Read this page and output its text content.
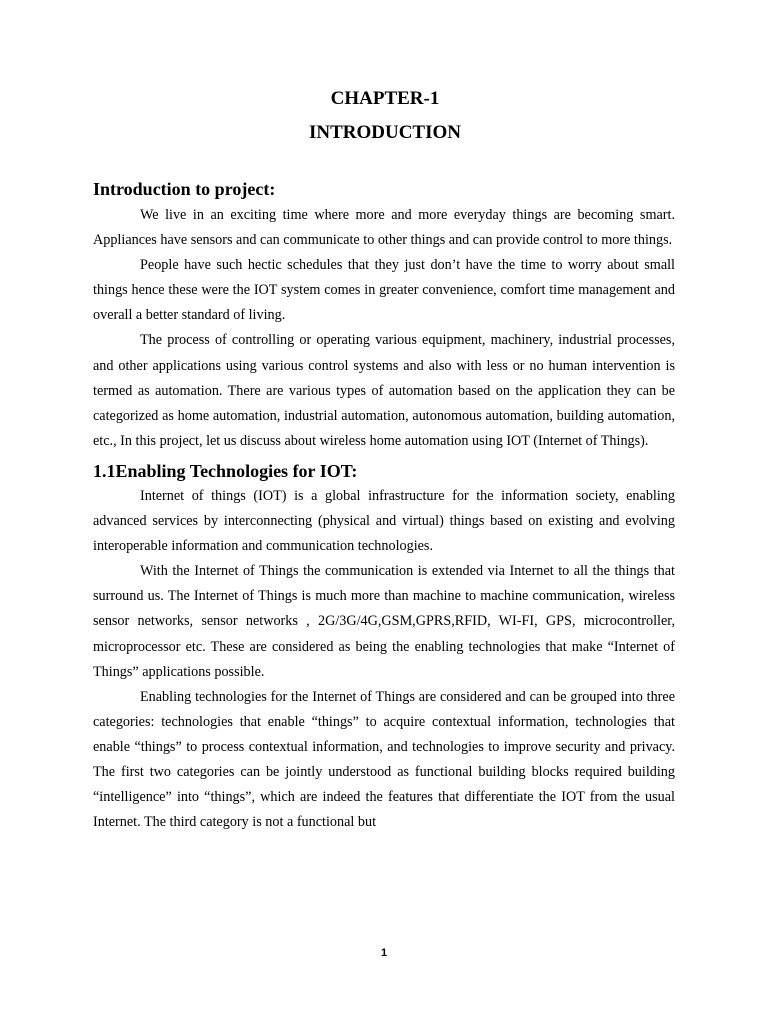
CHAPTER-1
INTRODUCTION
Introduction to project:

We live in an exciting time where more and more everyday things are becoming smart. Appliances have sensors and can communicate to other things and can provide control to more things.

People have such hectic schedules that they just don’t have the time to worry about small things hence these were the IOT system comes in greater convenience, comfort time management and overall a better standard of living.

The process of controlling or operating various equipment, machinery, industrial processes, and other applications using various control systems and also with less or no human intervention is termed as automation. There are various types of automation based on the application they can be categorized as home automation, industrial automation, autonomous automation, building automation, etc., In this project, let us discuss about wireless home automation using IOT (Internet of Things).

1.1Enabling Technologies for IOT:

Internet of things (IOT) is a global infrastructure for the information society, enabling advanced services by interconnecting (physical and virtual) things based on existing and evolving interoperable information and communication technologies.

With the Internet of Things the communication is extended via Internet to all the things that surround us. The Internet of Things is much more than machine to machine communication, wireless sensor networks, sensor networks , 2G/3G/4G,GSM,GPRS,RFID, WI-FI, GPS, microcontroller, microprocessor etc. These are considered as being the enabling technologies that make “Internet of Things” applications possible.

Enabling technologies for the Internet of Things are considered and can be grouped into three categories: technologies that enable “things” to acquire contextual information, technologies that enable “things” to process contextual information, and technologies to improve security and privacy. The first two categories can be jointly understood as functional building blocks required building “intelligence” into “things”, which are indeed the features that differentiate the IOT from the usual Internet. The third category is not a functional but

1
